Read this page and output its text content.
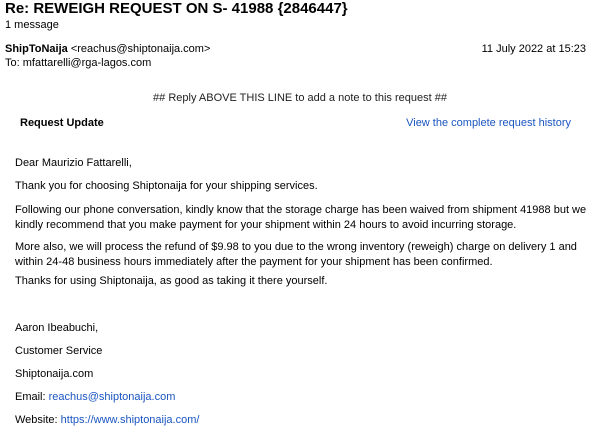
Re: REWEIGH REQUEST ON S- 41988 {2846447}
1 message
ShipToNaija <reachus@shiptonaija.com>	11 July 2022 at 15:23
To: mfattarelli@rga-lagos.com
## Reply ABOVE THIS LINE to add a note to this request ##
Request Update	View the complete request history
Dear Maurizio Fattarelli,
Thank you for choosing Shiptonaija for your shipping services.
Following our phone conversation, kindly know that the storage charge has been waived from shipment 41988 but we kindly recommend that you make payment for your shipment within 24 hours to avoid incurring storage.
More also, we will process the refund of $9.98 to you due to the wrong inventory (reweigh) charge on delivery 1 and within 24-48 business hours immediately after the payment for your shipment has been confirmed.
Thanks for using Shiptonaija, as good as taking it there yourself.
Aaron Ibeabuchi,
Customer Service
Shiptonaija.com
Email: reachus@shiptonaija.com
Website: https://www.shiptonaija.com/
